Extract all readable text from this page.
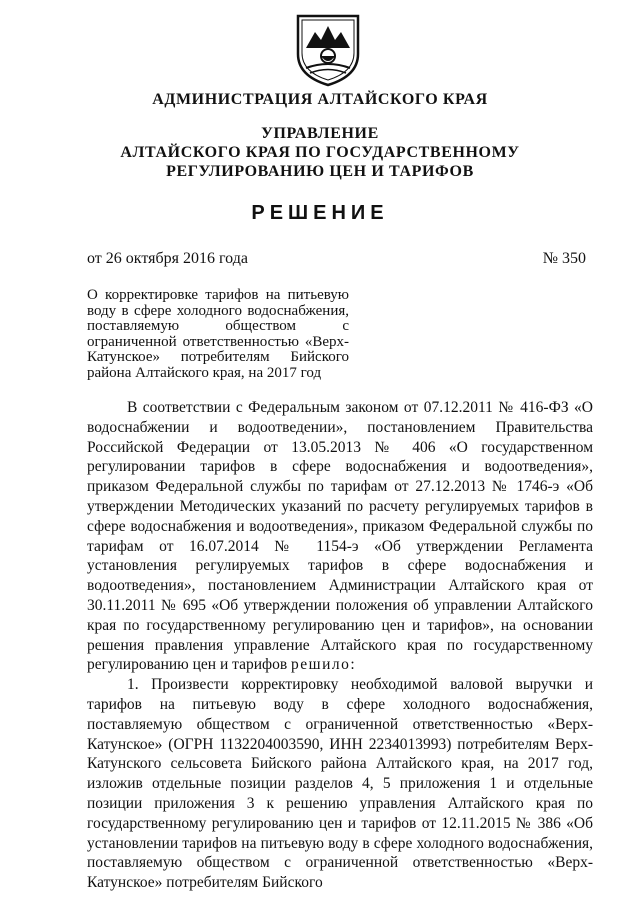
АДМИНИСТРАЦИЯ АЛТАЙСКОГО КРАЯ
УПРАВЛЕНИЕ
АЛТАЙСКОГО КРАЯ ПО ГОСУДАРСТВЕННОМУ
РЕГУЛИРОВАНИЮ ЦЕН И ТАРИФОВ
РЕШЕНИЕ
от 26 октября 2016 года	№ 350
О корректировке тарифов на питьевую воду в сфере холодного водоснабжения, поставляемую обществом с ограниченной ответственностью «Верх-Катунское» потребителям Бийского района Алтайского края, на 2017 год

В соответствии с Федеральным законом от 07.12.2011 № 416-ФЗ «О водоснабжении и водоотведении», постановлением Правительства Российской Федерации от 13.05.2013 № 406 «О государственном регулировании тарифов в сфере водоснабжения и водоотведения», приказом Федеральной службы по тарифам от 27.12.2013 № 1746-э «Об утверждении Методических указаний по расчету регулируемых тарифов в сфере водоснабжения и водоотведения», приказом Федеральной службы по тарифам от 16.07.2014 № 1154-э «Об утверждении Регламента установления регулируемых тарифов в сфере водоснабжения и водоотведения», постановлением Администрации Алтайского края от 30.11.2011 № 695 «Об утверждении положения об управлении Алтайского края по государственному регулированию цен и тарифов», на основании решения правления управление Алтайского края по государственному регулированию цен и тарифов решило:

1. Произвести корректировку необходимой валовой выручки и тарифов на питьевую воду в сфере холодного водоснабжения, поставляемую обществом с ограниченной ответственностью «Верх-Катунское» (ОГРН 1132204003590, ИНН 2234013993) потребителям Верх-Катунского сельсовета Бийского района Алтайского края, на 2017 год, изложив отдельные позиции разделов 4, 5 приложения 1 и отдельные позиции приложения 3 к решению управления Алтайского края по государственному регулированию цен и тарифов от 12.11.2015 № 386 «Об установлении тарифов на питьевую воду в сфере холодного водоснабжения, поставляемую обществом с ограниченной ответственностью «Верх-Катунское» потребителям Бийского
